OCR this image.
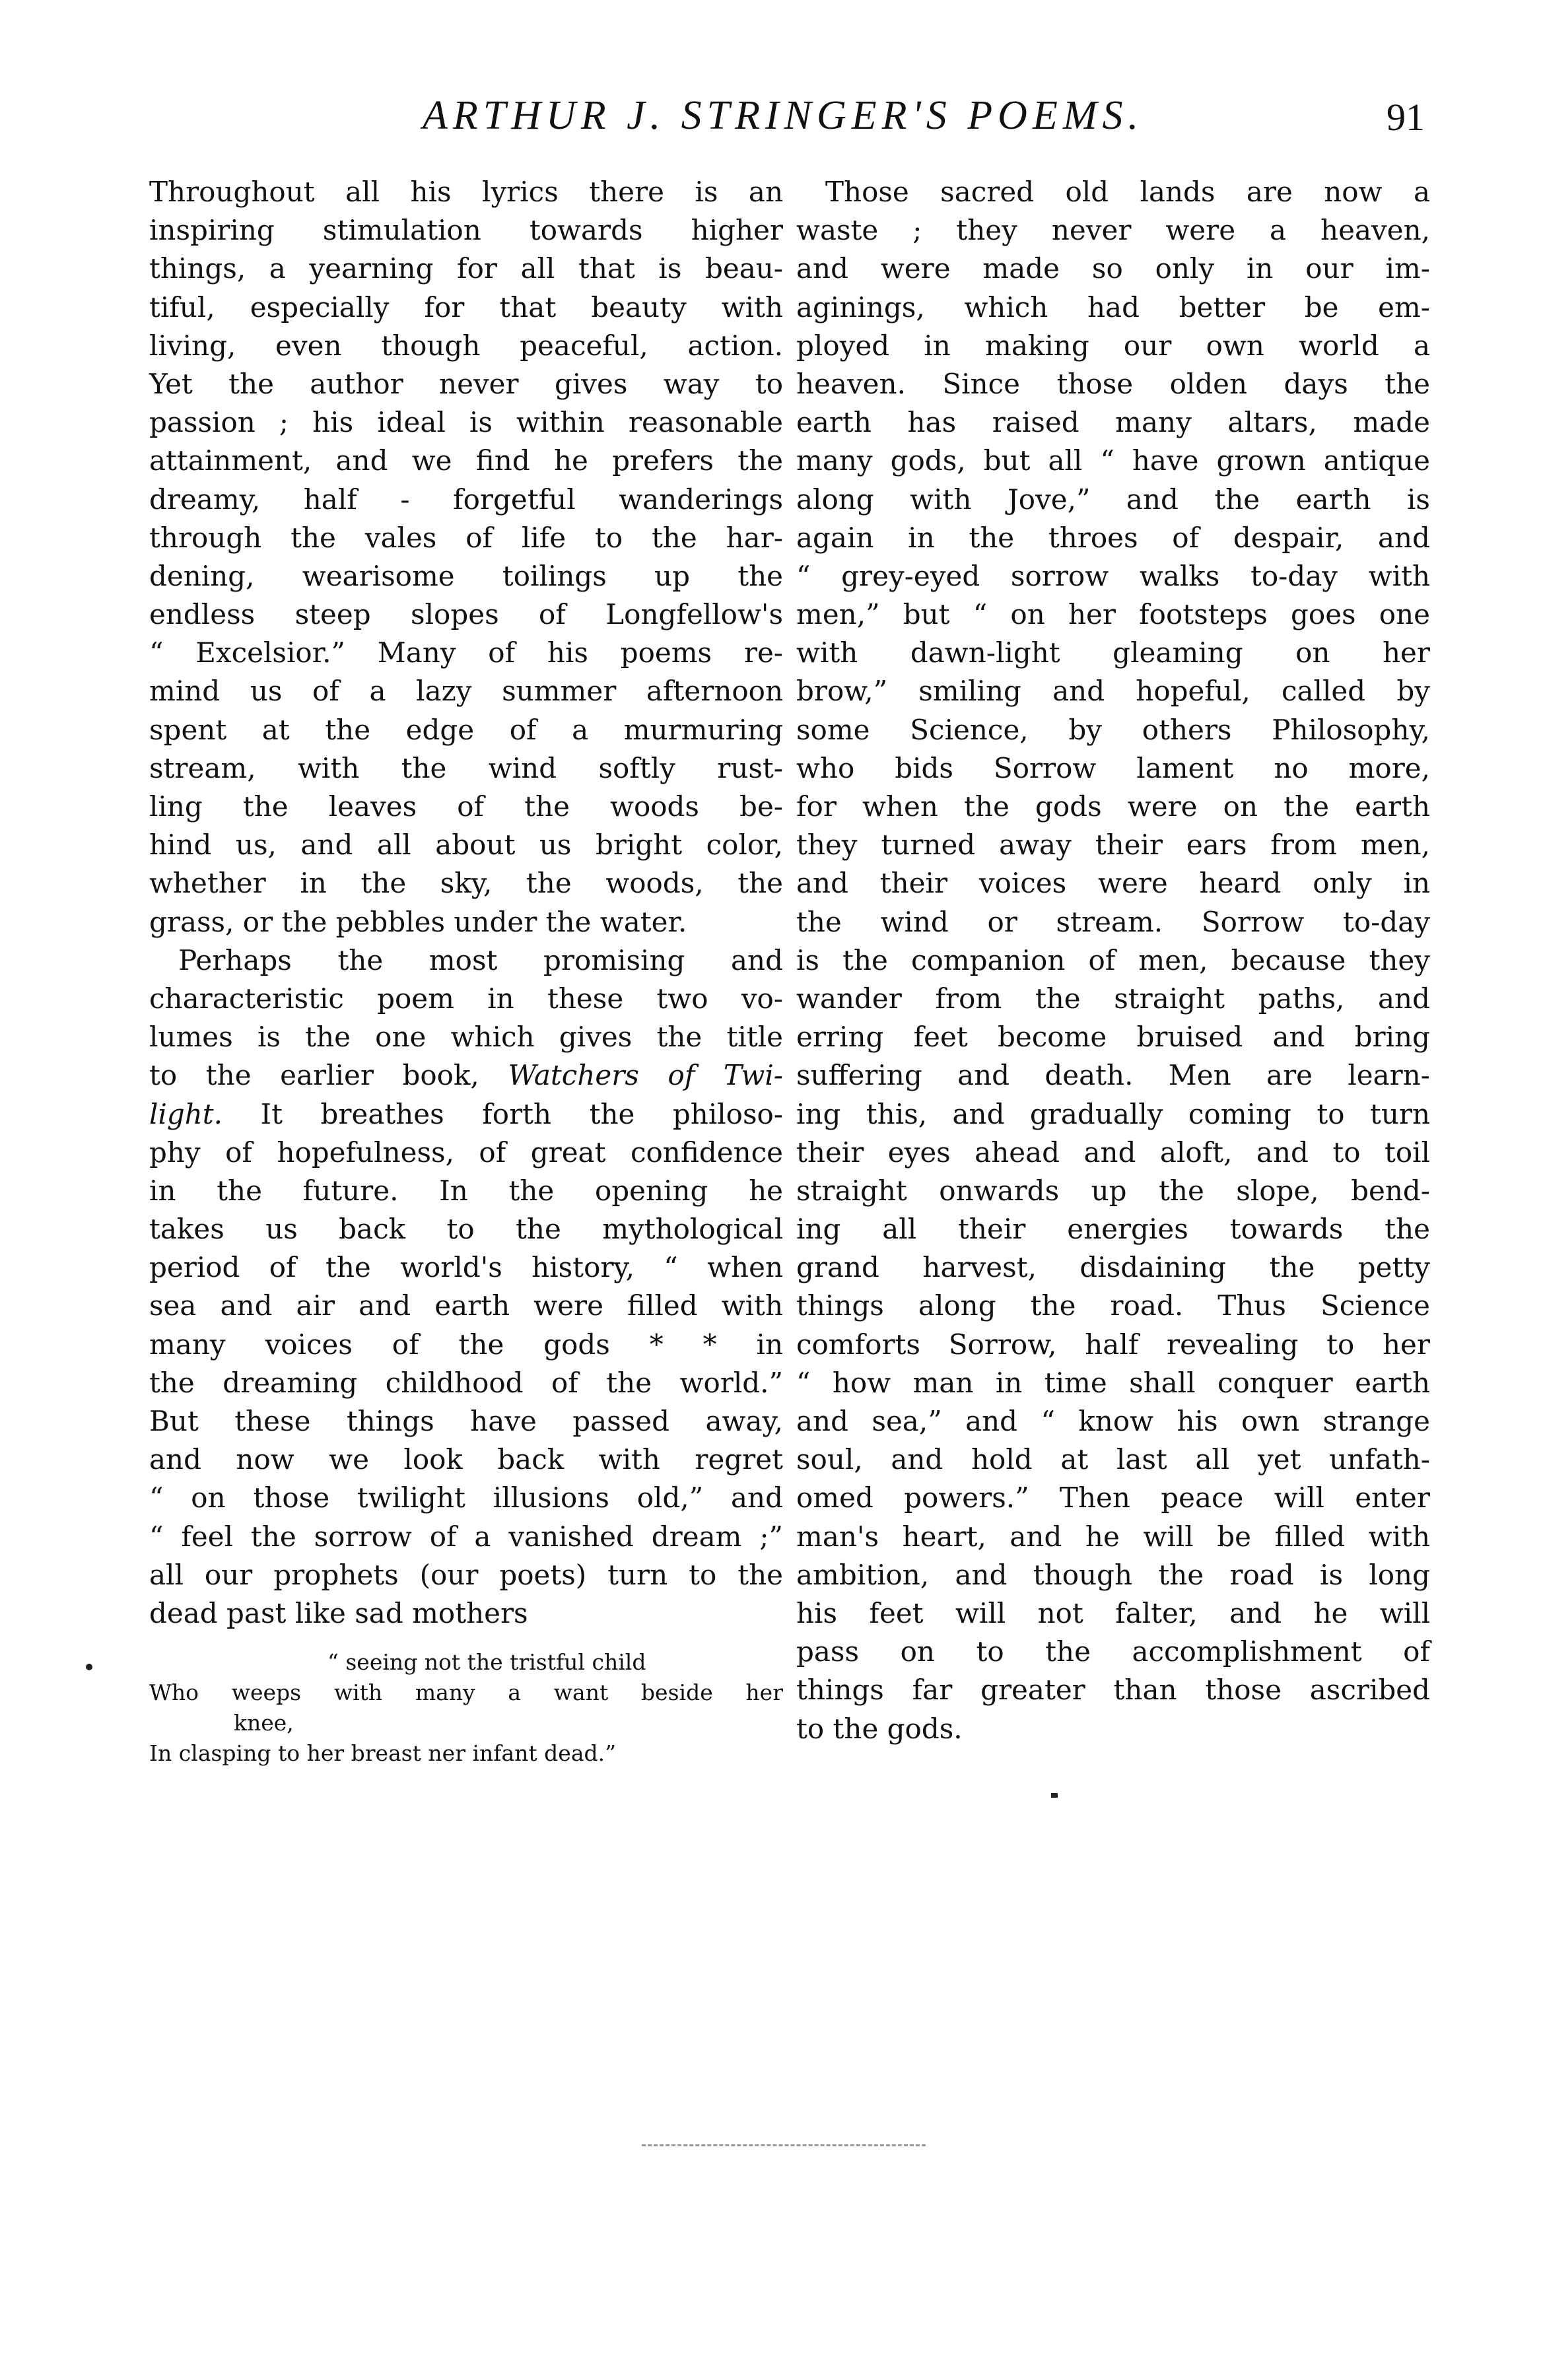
ARTHUR J. STRINGER'S POEMS.	91
Throughout all his lyrics there is an
inspiring stimulation towards higher
things, a yearning for all that is beau-
tiful, especially for that beauty with
living, even though peaceful, action.
Yet the author never gives way to
passion ; his ideal is within reasonable
attainment, and we find he prefers the
dreamy, half - forgetful wanderings
through the vales of life to the har-
dening, wearisome toilings up the
endless steep slopes of Longfellow's
“ Excelsior.” Many of his poems re-
mind us of a lazy summer afternoon
spent at the edge of a murmuring
stream, with the wind softly rust-
ling the leaves of the woods be-
hind us, and all about us bright color,
whether in the sky, the woods, the
grass, or the pebbles under the water.
Perhaps the most promising and
characteristic poem in these two vo-
lumes is the one which gives the title
to the earlier book, Watchers of Twi-
light. It breathes forth the philoso-
phy of hopefulness, of great confidence
in the future. In the opening he
takes us back to the mythological
period of the world's history, “ when
sea and air and earth were filled with
many voices of the gods * * in
the dreaming childhood of the world.”
But these things have passed away,
and now we look back with regret
“ on those twilight illusions old,” and
“ feel the sorrow of a vanished dream ;”
all our prophets (our poets) turn to the
dead past like sad mothers
“ seeing not the tristful child
Who weeps with many a want beside her
knee,
In clasping to her breast ner infant dead.”
Those sacred old lands are now a
waste ; they never were a heaven,
and were made so only in our im-
aginings, which had better be em-
ployed in making our own world a
heaven. Since those olden days the
earth has raised many altars, made
many gods, but all “ have grown antique
along with Jove,” and the earth is
again in the throes of despair, and
“ grey-eyed sorrow walks to-day with
men,” but “ on her footsteps goes one
with dawn-light gleaming on her
brow,” smiling and hopeful, called by
some Science, by others Philosophy,
who bids Sorrow lament no more,
for when the gods were on the earth
they turned away their ears from men,
and their voices were heard only in
the wind or stream. Sorrow to-day
is the companion of men, because they
wander from the straight paths, and
erring feet become bruised and bring
suffering and death. Men are learn-
ing this, and gradually coming to turn
their eyes ahead and aloft, and to toil
straight onwards up the slope, bend-
ing all their energies towards the
grand harvest, disdaining the petty
things along the road. Thus Science
comforts Sorrow, half revealing to her
“ how man in time shall conquer earth
and sea,” and “ know his own strange
soul, and hold at last all yet unfath-
omed powers.” Then peace will enter
man's heart, and he will be filled with
ambition, and though the road is long
his feet will not falter, and he will
pass on to the accomplishment of
things far greater than those ascribed
to the gods.
